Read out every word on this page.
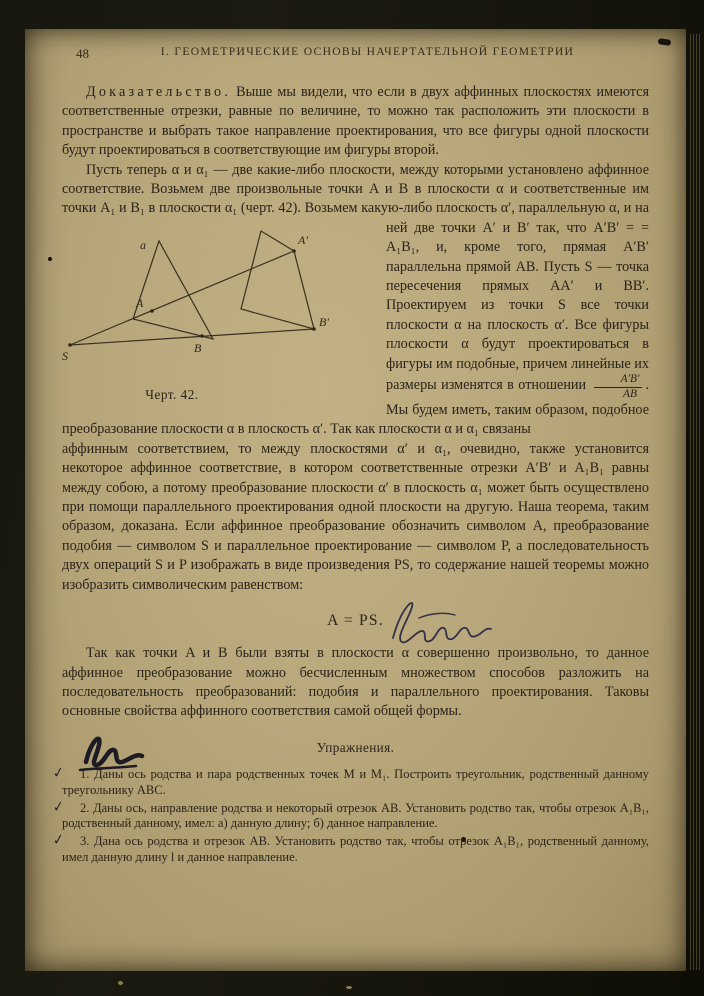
48	I. ГЕОМЕТРИЧЕСКИЕ ОСНОВЫ НАЧЕРТАТЕЛЬНОЙ ГЕОМЕТРИИ

Доказательство. Выше мы видели, что если в двух аффинных плоскостях имеются соответственные отрезки, равные по величине, то можно так расположить эти плоскости в пространстве и выбрать такое направление проектирования, что все фигуры одной плоскости будут проектироваться в соответствующие им фигуры второй.

Пусть теперь α и α₁ — две какие-либо плоскости, между которыми установлено аффинное соответствие. Возьмем две произвольные точки A и B в плоскости α и соответственные им точки A₁ и B₁ в плоскости α₁ (черт. 42). Возьмем какую-либо плоскость α′, параллельную α, и на ней две точки A′ и B′ так, что A′B′ =
a
A
B
S
A′
B′
Черт. 42.
= A₁B₁, и, кроме того, прямая A′B′ параллельна прямой AB. Пусть S — точка пересечения прямых AA′ и BB′. Проектируем из точки S все точки плоскости α на плоскость α′. Все фигуры плоскости α будут проектироваться в фигуры им подобные, причем линейные их размеры изменятся в отношении $\frac{A'B'}{AB}$ . Мы будем иметь, таким образом, подобное преобразование плоскости α в плоскость α′. Так как плоскости α и α₁ связаны

аффинным соответствием, то между плоскостями α′ и α₁, очевидно, также установится некоторое аффинное соответствие, в котором соответственные отрезки A′B′ и A₁B₁ равны между собою, а потому преобразование плоскости α′ в плоскость α₁ может быть осуществлено при помощи параллельного проектирования одной плоскости на другую. Наша теорема, таким образом, доказана. Если аффинное преобразование обозначить символом A, преобразование подобия — символом S и параллельное проектирование — символом P, а последовательность двух операций S и P изображать в виде произведения PS, то содержание нашей теоремы можно изобразить символическим равенством:

A = PS.

Так как точки A и B были взяты в плоскости α совершенно произвольно, то данное аффинное преобразование можно бесчисленным множеством способов разложить на последовательность преобразований: подобия и параллельного проектирования. Таковы основные свойства аффинного соответствия самой общей формы.

Упражнения.
✓ 1. Даны ось родства и пара родственных точек M и M₁. Построить треугольник, родственный данному треугольнику ABC.
✓ 2. Даны ось, направление родства и некоторый отрезок AB. Установить родство так, чтобы отрезок A₁B₁, родственный данному, имел: а) данную длину; б) данное направление.
✓ 3. Дана ось родства и отрезок AB. Установить родство так, чтобы отрезок A₁B₁, родственный данному, имел данную длину l и данное направление.
